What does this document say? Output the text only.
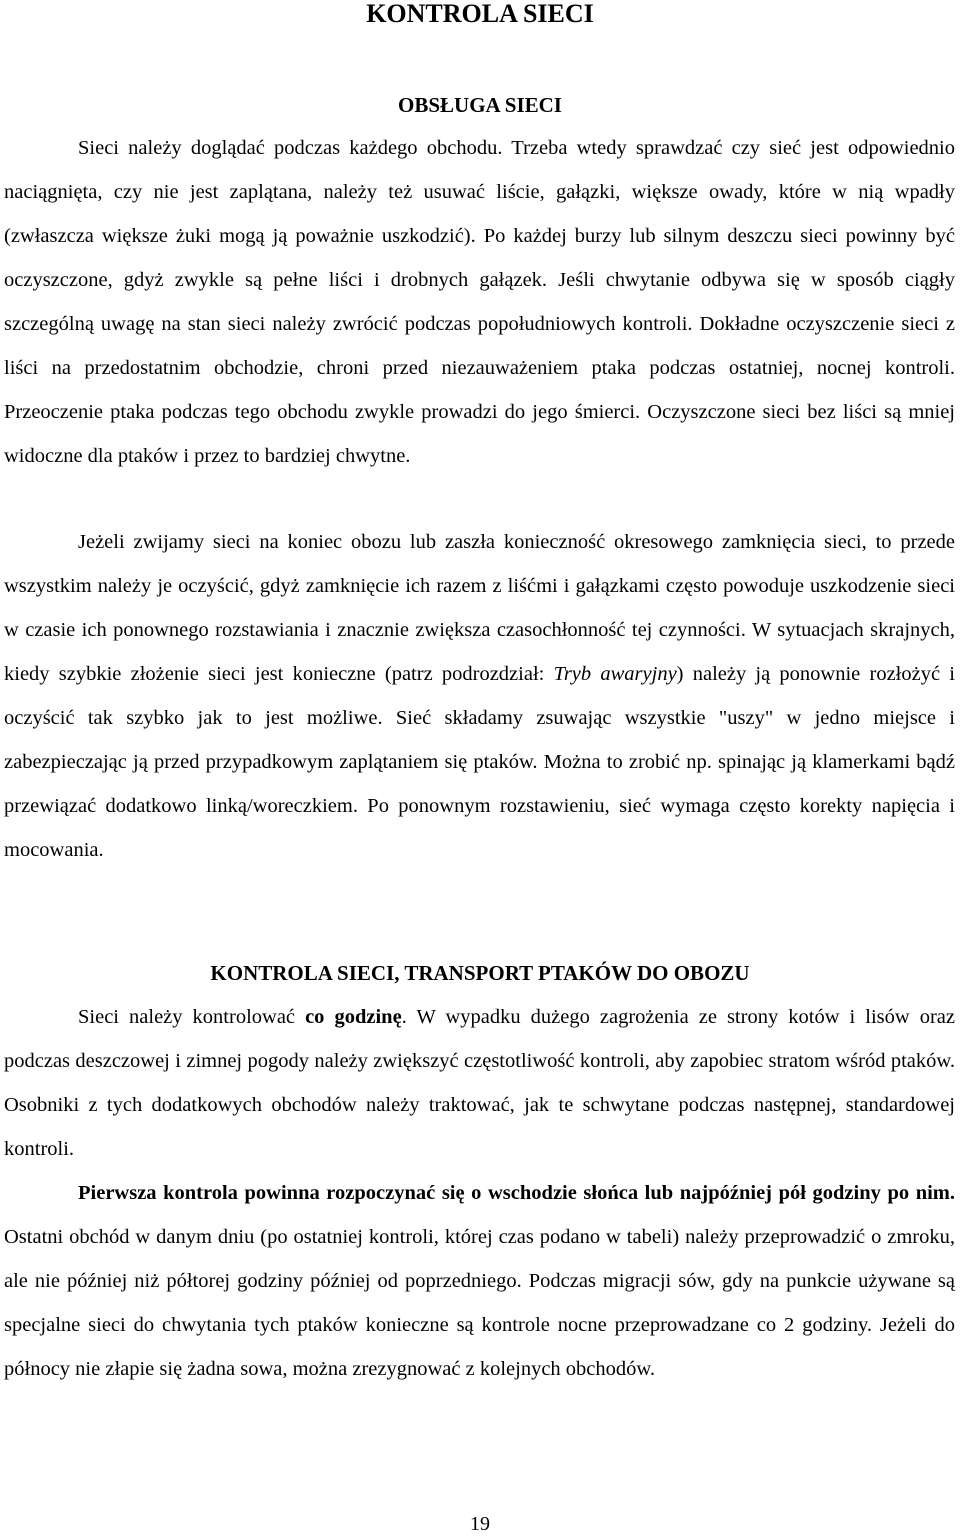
KONTROLA SIECI
OBSŁUGA SIECI
Sieci należy doglądać podczas każdego obchodu. Trzeba wtedy sprawdzać czy sieć jest odpowiednio naciągnięta, czy nie jest zaplątana, należy też usuwać liście, gałązki, większe owady, które w nią wpadły (zwłaszcza większe żuki mogą ją poważnie uszkodzić). Po każdej burzy lub silnym deszczu sieci powinny być oczyszczone, gdyż zwykle są pełne liści i drobnych gałązek. Jeśli chwytanie odbywa się w sposób ciągły szczególną uwagę na stan sieci należy zwrócić podczas popołudniowych kontroli. Dokładne oczyszczenie sieci z liści na przedostatnim obchodzie, chroni przed niezauważeniem ptaka podczas ostatniej, nocnej kontroli. Przeoczenie ptaka podczas tego obchodu zwykle prowadzi do jego śmierci. Oczyszczone sieci bez liści są mniej widoczne dla ptaków i przez to bardziej chwytne.
Jeżeli zwijamy sieci na koniec obozu lub zaszła konieczność okresowego zamknięcia sieci, to przede wszystkim należy je oczyścić, gdyż zamknięcie ich razem z liśćmi i gałązkami często powoduje uszkodzenie sieci w czasie ich ponownego rozstawiania i znacznie zwiększa czasochłonność tej czynności. W sytuacjach skrajnych, kiedy szybkie złożenie sieci jest konieczne (patrz podrozdział: Tryb awaryjny) należy ją ponownie rozłożyć i oczyścić tak szybko jak to jest możliwe. Sieć składamy zsuwając wszystkie "uszy" w jedno miejsce i zabezpieczając ją przed przypadkowym zaplątaniem się ptaków. Można to zrobić np. spinając ją klamerkami bądź przewiązać dodatkowo linką/woreczkiem. Po ponownym rozstawieniu, sieć wymaga często korekty napięcia i mocowania.
KONTROLA SIECI, TRANSPORT PTAKÓW DO OBOZU
Sieci należy kontrolować co godzinę. W wypadku dużego zagrożenia ze strony kotów i lisów oraz podczas deszczowej i zimnej pogody należy zwiększyć częstotliwość kontroli, aby zapobiec stratom wśród ptaków. Osobniki z tych dodatkowych obchodów należy traktować, jak te schwytane podczas następnej, standardowej kontroli.
Pierwsza kontrola powinna rozpoczynać się o wschodzie słońca lub najpóźniej pół godziny po nim. Ostatni obchód w danym dniu (po ostatniej kontroli, której czas podano w tabeli) należy przeprowadzić o zmroku, ale nie później niż półtorej godziny później od poprzedniego. Podczas migracji sów, gdy na punkcie używane są specjalne sieci do chwytania tych ptaków konieczne są kontrole nocne przeprowadzane co 2 godziny. Jeżeli do północy nie złapie się żadna sowa, można zrezygnować z kolejnych obchodów.
19
